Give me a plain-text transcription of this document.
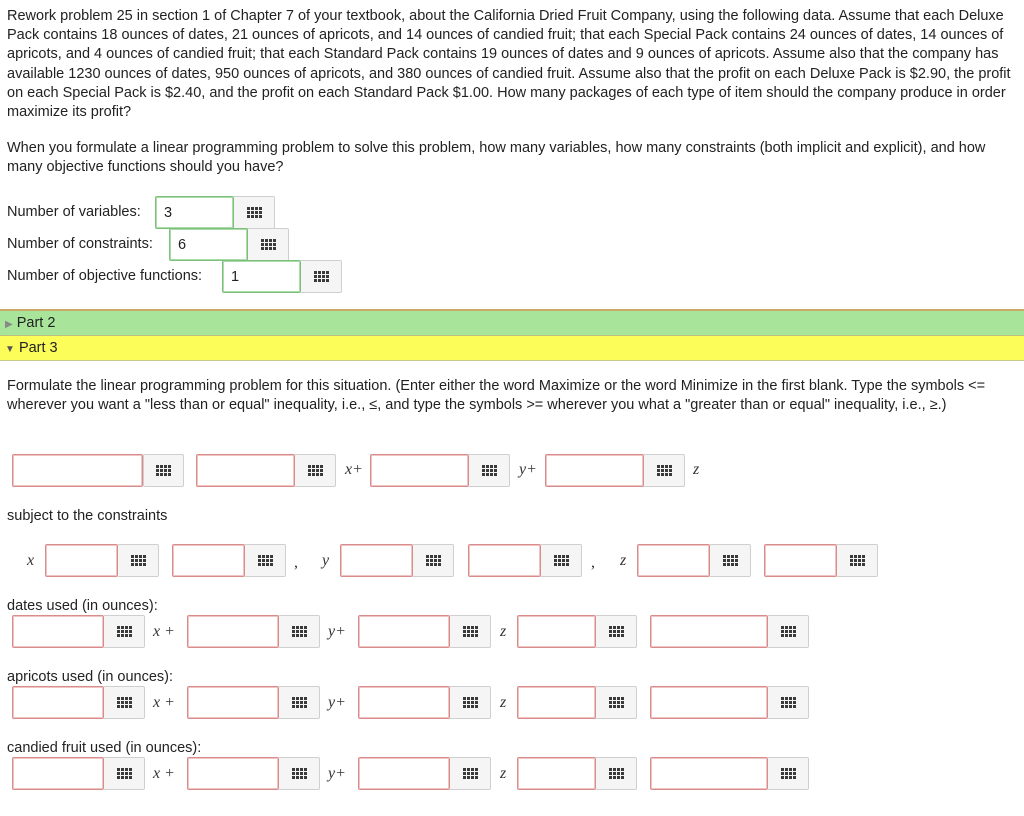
Rework problem 25 in section 1 of Chapter 7 of your textbook, about the California Dried Fruit Company, using the following data. Assume that each Deluxe Pack contains 18 ounces of dates, 21 ounces of apricots, and 14 ounces of candied fruit; that each Special Pack contains 24 ounces of dates, 14 ounces of apricots, and 4 ounces of candied fruit; that each Standard Pack contains 19 ounces of dates and 9 ounces of apricots. Assume also that the company has available 1230 ounces of dates, 950 ounces of apricots, and 380 ounces of candied fruit. Assume also that the profit on each Deluxe Pack is $2.90, the profit on each Special Pack is $2.40, and the profit on each Standard Pack $1.00. How many packages of each type of item should the company produce in order maximize its profit?
When you formulate a linear programming problem to solve this problem, how many variables, how many constraints (both implicit and explicit), and how many objective functions should you have?
Number of variables:
3
Number of constraints:
6
Number of objective functions:
1
▶ Part 2
▼ Part 3
Formulate the linear programming problem for this situation. (Enter either the word Maximize or the word Minimize in the first blank. Type the symbols <= wherever you want a "less than or equal" inequality, i.e., ≤, and type the symbols >= wherever you what a "greater than or equal" inequality, i.e., ≥.)
x+	y+	z
subject to the constraints
x	, y	, z
dates used (in ounces):
x +	y+	z
apricots used (in ounces):
x +	y+	z
candied fruit used (in ounces):
x +	y+	z
